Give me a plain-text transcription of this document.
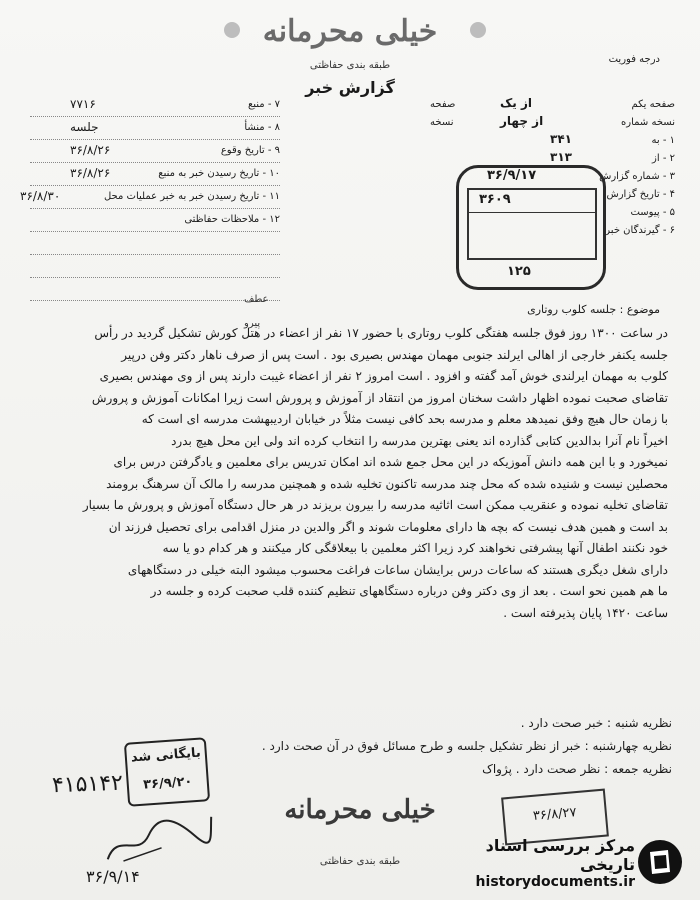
خیلی محرمانه
طبقه بندی حفاظتی
درجه فوریت
گزارش خبر
۷ - منبع
۷۷۱۶
۸ - منشأ
جلسه
۹ - تاریخ وقوع
۳۶/۸/۲۶
۱۰ - تاریخ رسیدن خبر به منبع
۳۶/۸/۲۶
۱۱ - تاریخ رسیدن خبر به خبر عملیات محل
۳۶/۸/۳۰
۱۲ - ملاحظات حفاظتی
صفحه یکم
از یک
صفحه
نسخه شماره
از چهار
نسخه
۱ - به
۳۴۱
۲ - از
۳۱۳
۳ - شماره گزارش
۴ - تاریخ گزارش
۵ - پیوست
۶ - گیرندگان خبر
۳۶/۹/۱۷
۳۶۰۹
۱۲۵
عطف
پیرو
موضوع : جلسه کلوب روتاری

در ساعت ۱۳۰۰ روز فوق جلسه هفتگی کلوب روتاری با حضور ۱۷ نفر از اعضاء در هتل کورش تشکیل گردید در رأس

جلسه یکنفر خارجی از اهالی ایرلند جنوبی مهمان مهندس بصیری بود . است پس از صرف ناهار دکتر وفن درپیر

کلوب به مهمان ایرلندی خوش آمد گفته و افزود . است امروز ۲ نفر از اعضاء غیبت دارند پس از وی مهندس بصیری

تقاضای صحبت نموده اظهار داشت سخنان امروز من انتقاد از آموزش و پرورش است زیرا امکانات آموزش و پرورش

با زمان حال هیچ وفق نمیدهد معلم و مدرسه بحد کافی نیست مثلاً در خیابان اردیبهشت مدرسه ای است که

اخیراً نام آنرا بدالدین کتابی گذارده اند یعنی بهترین مدرسه را انتخاب کرده اند ولی این محل هیچ بدرد

نمیخورد و با این همه دانش آموزیکه در این محل جمع شده اند امکان تدریس برای معلمین و یادگرفتن درس برای

محصلین نیست و شنیده شده که محل چند مدرسه تاکنون تخلیه شده و همچنین مدرسه را مالک آن سرهنگ برومند

تقاضای تخلیه نموده و عنقریب ممکن است اثاثیه مدرسه را بیرون بریزند در هر حال دستگاه آموزش و پرورش ما بسیار

بد است و همین هدف نیست که بچه ها دارای معلومات شوند و اگر والدین در منزل اقدامی برای تحصیل فرزند ان

خود نکنند اطفال آنها پیشرفتی نخواهند کرد زیرا اکثر معلمین با بیعلاقگی کار میکنند و هر کدام دو یا سه

دارای شغل دیگری هستند که ساعات درس برایشان ساعات فراغت محسوب میشود البته خیلی در دستگاههای

ما هم همین نحو است . بعد از وی دکتر وفن درباره دستگاههای تنظیم کننده قلب صحبت کرده و جلسه در

ساعت ۱۴۲۰ پایان پذیرفته است .

نظریه شنبه : خبر صحت دارد .
نظریه چهارشنبه : خبر از نظر تشکیل جلسه و طرح مسائل فوق در آن صحت دارد .
نظریه جمعه : نظر صحت دارد . پژواک
بایگانی شد
۳۶/۹/۲۰
۴۱۵۱۴۲
۳۶/۸/۲۷
خیلی محرمانه
طبقه بندی حفاظتی
۳۶/۹/۱۴
مرکز بررسی اسناد تاریخی
historydocuments.ir
